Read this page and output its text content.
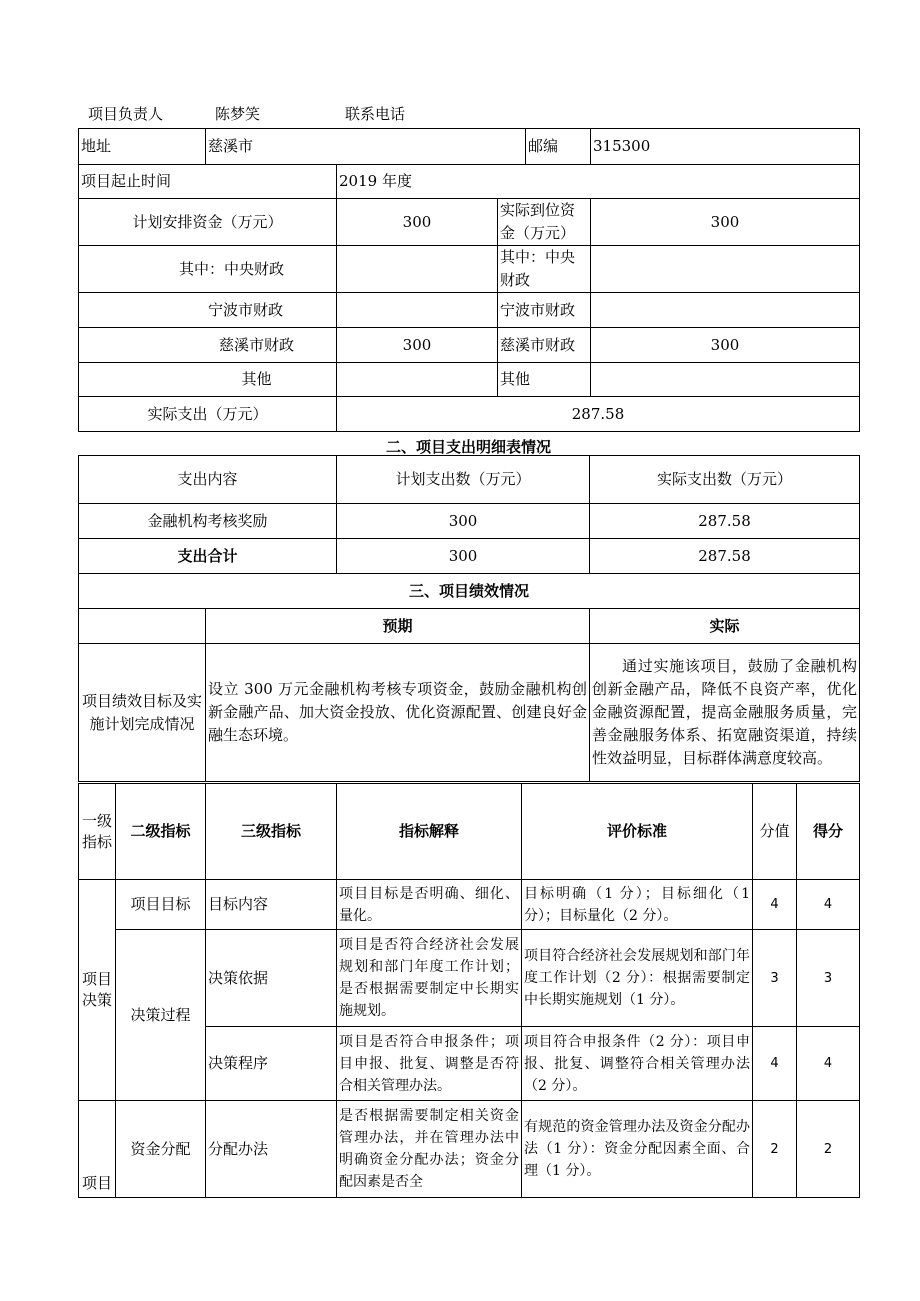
项目负责人	陈梦笑	联系电话
地址	慈溪市			邮编	315300
项目起止时间		2019 年度			
计划安排资金（万元）		300	实际到位资金（万元）		300
其中：中央财政			其中：中央财政		
宁波市财政			宁波市财政		
慈溪市财政		300	慈溪市财政		300
其他			其他		
实际支出（万元）		287.58			
二、项目支出明细表情况
支出内容		计划支出数（万元）	实际支出数（万元）
金融机构考核奖励		300	287.58
支出合计		300	287.58
三、项目绩效情况			
	预期		实际
项目绩效目标及实施计划完成情况	设立 300 万元金融机构考核专项资金，鼓励金融机构创新金融产品、加大资金投放、优化资源配置、创建良好金融生态环境。		通过实施该项目，鼓励了金融机构创新金融产品，降低不良资产率，优化金融资源配置，提高金融服务质量，完善金融服务体系、拓宽融资渠道，持续性效益明显，目标群体满意度较高。
一级指标	二级指标	三级指标	指标解释	评价标准	分值	得分
项目决策	项目目标	目标内容	项目目标是否明确、细化、量化。	目标明确（1 分）；目标细化（1 分）；目标量化（2 分）。	4	4
	决策过程	决策依据	项目是否符合经济社会发展规划和部门年度工作计划；是否根据需要制定中长期实施规划。	项目符合经济社会发展规划和部门年度工作计划（2 分）：根据需要制定中长期实施规划（1 分）。	3	3
		决策程序	项目是否符合申报条件；项目申报、批复、调整是否符合相关管理办法。	项目符合申报条件（2 分）：项目申报、批复、调整符合相关管理办法（2 分）。	4	4
项目	资金分配	分配办法	是否根据需要制定相关资金管理办法，并在管理办法中明确资金分配办法；资金分配因素是否全	有规范的资金管理办法及资金分配办法（1 分）：资金分配因素全面、合理（1 分）。	2	2
